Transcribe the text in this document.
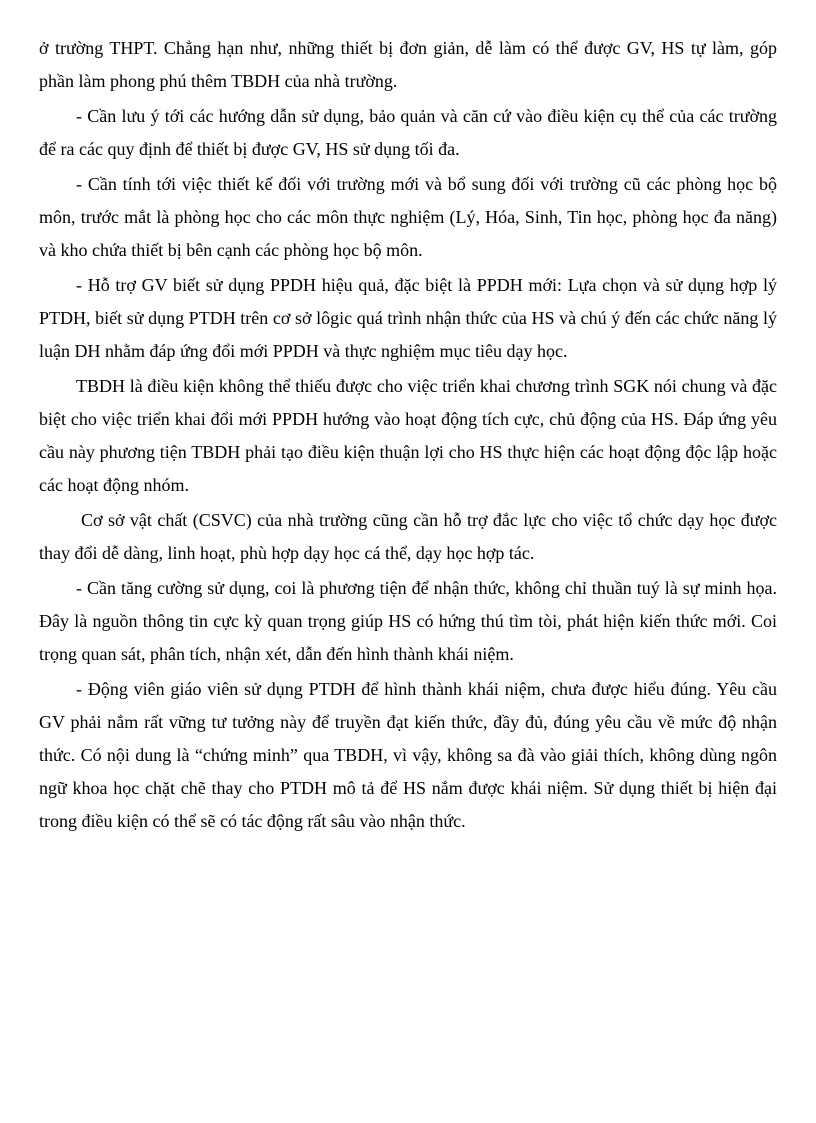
ở trường THPT. Chẳng hạn như, những thiết bị đơn giản, dễ làm có thể được GV, HS tự làm, góp phần làm phong phú thêm TBDH của nhà trường.

- Cần lưu ý tới các hướng dẫn sử dụng, bảo quản và căn cứ vào điều kiện cụ thể của các trường để ra các quy định để thiết bị được GV, HS sử dụng tối đa.

- Cần tính tới việc thiết kế đối với trường mới và bổ sung đối với trường cũ các phòng học bộ môn, trước mắt là phòng học cho các môn thực nghiệm (Lý, Hóa, Sinh, Tin học, phòng học đa năng) và kho chứa thiết bị bên cạnh các phòng học bộ môn.

- Hỗ trợ GV biết sử dụng PPDH hiệu quả, đặc biệt là PPDH mới: Lựa chọn và sử dụng hợp lý PTDH, biết sử dụng PTDH trên cơ sở lôgic quá trình nhận thức của HS và chú ý đến các chức năng lý luận DH nhằm đáp ứng đổi mới PPDH và thực nghiệm mục tiêu dạy học.

TBDH là điều kiện không thể thiếu được cho việc triển khai chương trình SGK nói chung và đặc biệt cho việc triển khai đổi mới PPDH hướng vào hoạt động tích cực, chủ động của HS. Đáp ứng yêu cầu này phương tiện TBDH phải tạo điều kiện thuận lợi cho HS thực hiện các hoạt động độc lập hoặc các hoạt động nhóm.

Cơ sở vật chất (CSVC) của nhà trường cũng cần hỗ trợ đắc lực cho việc tổ chức dạy học được thay đổi dễ dàng, linh hoạt, phù hợp dạy học cá thể, dạy học hợp tác.

- Cần tăng cường sử dụng, coi là phương tiện để nhận thức, không chỉ thuần tuý là sự minh họa. Đây là nguồn thông tin cực kỳ quan trọng giúp HS có hứng thú tìm tòi, phát hiện kiến thức mới. Coi trọng quan sát, phân tích, nhận xét, dẫn đến hình thành khái niệm.

- Động viên giáo viên sử dụng PTDH để hình thành khái niệm, chưa được hiểu đúng. Yêu cầu GV phải nắm rất vững tư tưởng này để truyền đạt kiến thức, đầy đủ, đúng yêu cầu về mức độ nhận thức. Có nội dung là “chứng minh” qua TBDH, vì vậy, không sa đà vào giải thích, không dùng ngôn ngữ khoa học chặt chẽ thay cho PTDH mô tả để HS nắm được khái niệm. Sử dụng thiết bị hiện đại trong điều kiện có thể sẽ có tác động rất sâu vào nhận thức.
